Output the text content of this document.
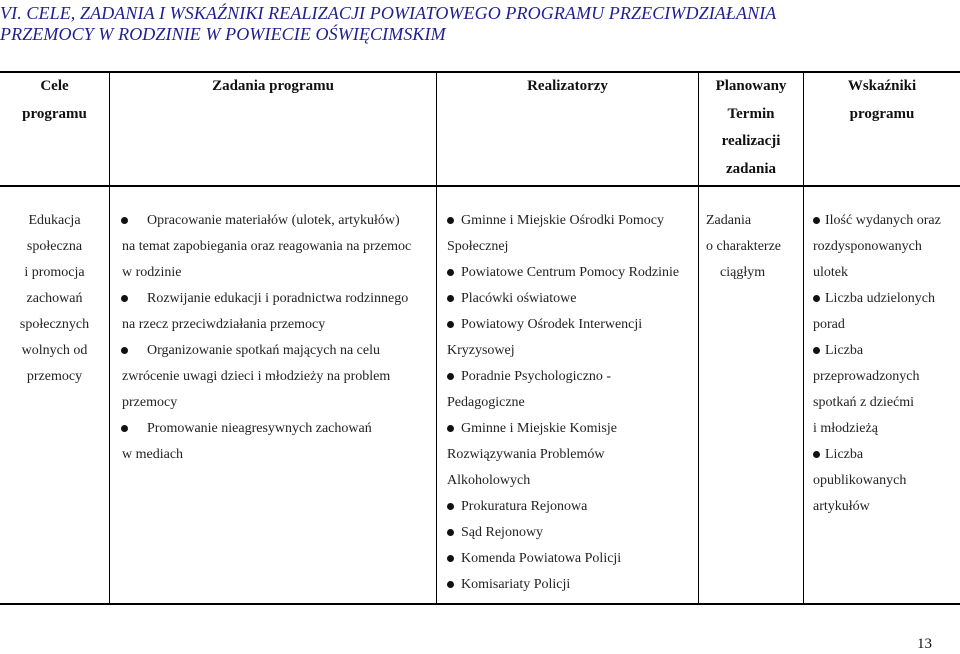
VI. CELE, ZADANIA I WSKAŹNIKI REALIZACJI POWIATOWEGO PROGRAMU PRZECIWDZIAŁANIA
PRZEMOCY W RODZINIE W POWIECIE OŚWIĘCIMSKIM
Cele
programu
Zadania programu	Realizatorzy	Planowany
Termin
realizacji
zadania
Wskaźniki
programu
Edukacja
społeczna
i promocja
zachowań
społecznych
wolnych od
przemocy
Opracowanie materiałów (ulotek, artykułów)
na temat zapobiegania oraz reagowania na przemoc
w rodzinie
Rozwijanie edukacji i poradnictwa rodzinnego
na rzecz przeciwdziałania przemocy
Organizowanie spotkań mających na celu
zwrócenie uwagi dzieci i młodzieży na problem
przemocy
Promowanie nieagresywnych zachowań
w mediach
Gminne i Miejskie Ośrodki Pomocy
Społecznej
Powiatowe Centrum Pomocy Rodzinie
Placówki oświatowe
Powiatowy Ośrodek Interwencji
Kryzysowej
Poradnie Psychologiczno -
Pedagogiczne
Gminne i Miejskie Komisje
Rozwiązywania Problemów
Alkoholowych
Prokuratura Rejonowa
Sąd Rejonowy
Komenda Powiatowa Policji
Komisariaty Policji
Zadania
o charakterze
ciągłym
Ilość wydanych oraz
rozdysponowanych
ulotek
Liczba udzielonych
porad
Liczba
przeprowadzonych
spotkań z dziećmi
i młodzieżą
Liczba
opublikowanych
artykułów
13
